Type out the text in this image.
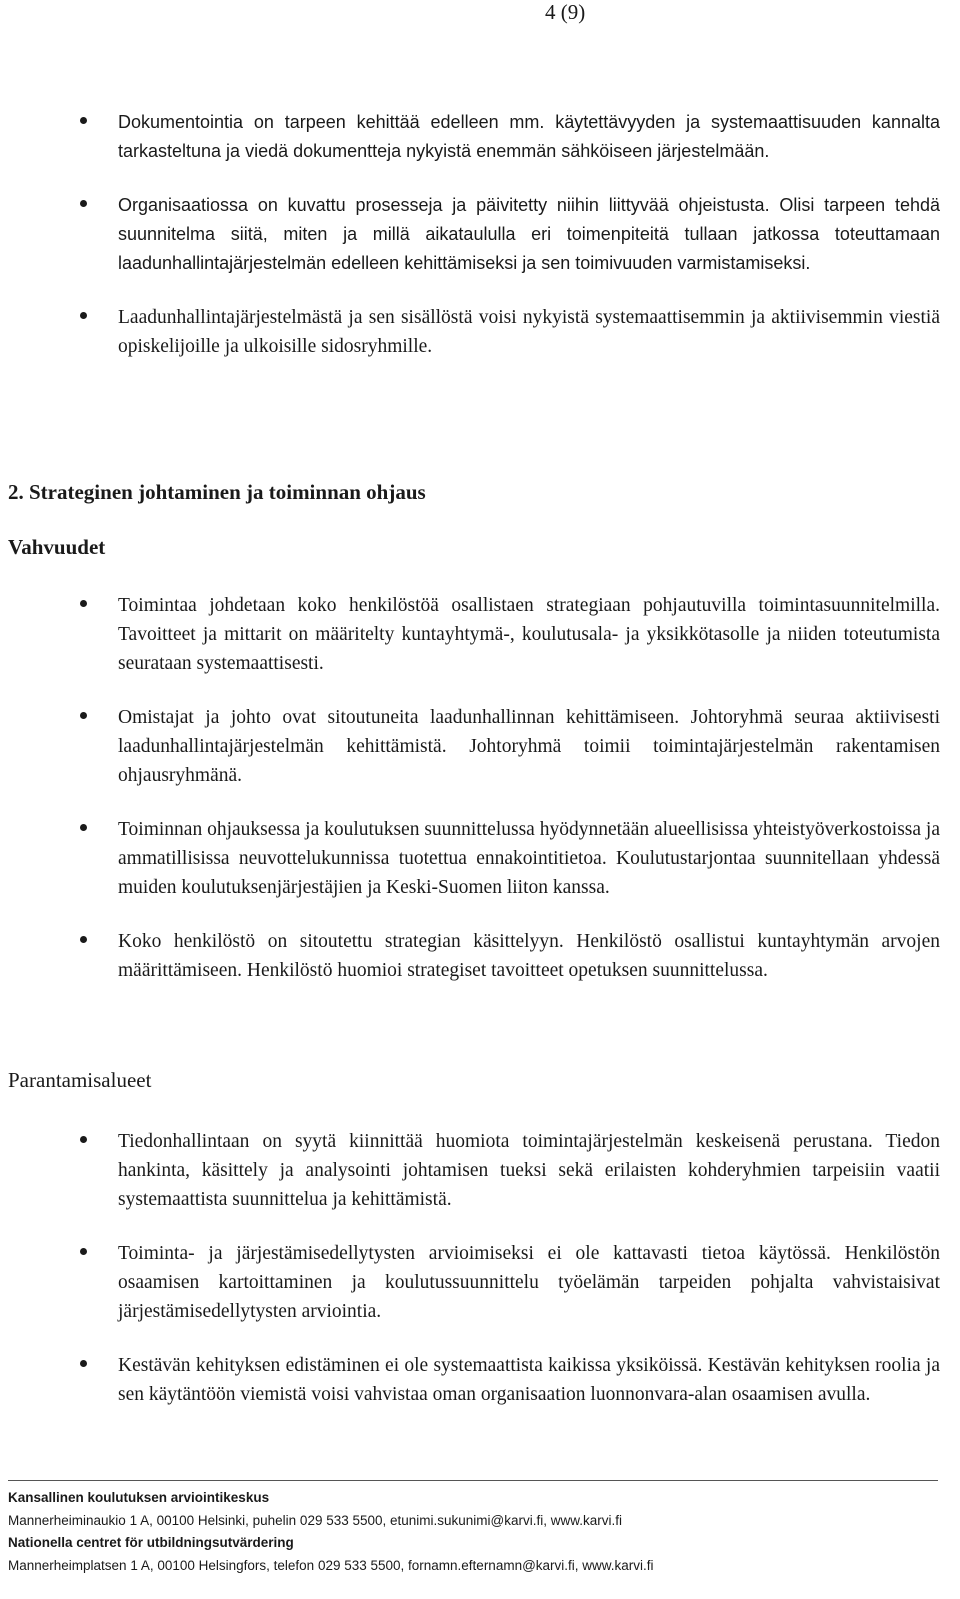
4 (9)
Dokumentointia on tarpeen kehittää edelleen mm. käytettävyyden ja systemaattisuuden kannalta tarkasteltuna ja viedä dokumentteja nykyistä enemmän sähköiseen järjestelmään.
Organisaatiossa on kuvattu prosesseja ja päivitetty niihin liittyvää ohjeistusta. Olisi tarpeen tehdä suunnitelma siitä, miten ja millä aikataululla eri toimenpiteitä tullaan jatkossa toteuttamaan laadunhallintajärjestelmän edelleen kehittämiseksi ja sen toimivuuden varmistamiseksi.
Laadunhallintajärjestelmästä ja sen sisällöstä voisi nykyistä systemaattisemmin ja aktiivisemmin viestiä opiskelijoille ja ulkoisille sidosryhmille.
2. Strateginen johtaminen ja toiminnan ohjaus
Vahvuudet
Toimintaa johdetaan koko henkilöstöä osallistaen strategiaan pohjautuvilla toimintasuunnitelmilla. Tavoitteet ja mittarit on määritelty kuntayhtymä-, koulutusala- ja yksikkötasolle ja niiden toteutumista seurataan systemaattisesti.
Omistajat ja johto ovat sitoutuneita laadunhallinnan kehittämiseen. Johtoryhmä seuraa aktiivisesti laadunhallintajärjestelmän kehittämistä. Johtoryhmä toimii toimintajärjestelmän rakentamisen ohjausryhmänä.
Toiminnan ohjauksessa ja koulutuksen suunnittelussa hyödynnetään alueellisissa yhteistyöverkostoissa ja ammatillisissa neuvottelukunnissa tuotettua ennakointitietoa. Koulutustarjontaa suunnitellaan yhdessä muiden koulutuksenjärjestäjien ja Keski-Suomen liiton kanssa.
Koko henkilöstö on sitoutettu strategian käsittelyyn. Henkilöstö osallistui kuntayhtymän arvojen määrittämiseen. Henkilöstö huomioi strategiset tavoitteet opetuksen suunnittelussa.
Parantamisalueet
Tiedonhallintaan on syytä kiinnittää huomiota toimintajärjestelmän keskeisenä perustana. Tiedon hankinta, käsittely ja analysointi johtamisen tueksi sekä erilaisten kohderyhmien tarpeisiin vaatii systemaattista suunnittelua ja kehittämistä.
Toiminta- ja järjestämisedellytysten arvioimiseksi ei ole kattavasti tietoa käytössä. Henkilöstön osaamisen kartoittaminen ja koulutussuunnittelu työelämän tarpeiden pohjalta vahvistaisivat järjestämisedellytysten arviointia.
Kestävän kehityksen edistäminen ei ole systemaattista kaikissa yksiköissä. Kestävän kehityksen roolia ja sen käytäntöön viemistä voisi vahvistaa oman organisaation luonnonvara-alan osaamisen avulla.
Kansallinen koulutuksen arviointikeskus
Mannerheiminaukio 1 A, 00100 Helsinki, puhelin 029 533 5500, etunimi.sukunimi@karvi.fi, www.karvi.fi
Nationella centret för utbildningsutvärdering
Mannerheimplatsen 1 A, 00100 Helsingfors, telefon 029 533 5500, fornamn.efternamn@karvi.fi, www.karvi.fi
